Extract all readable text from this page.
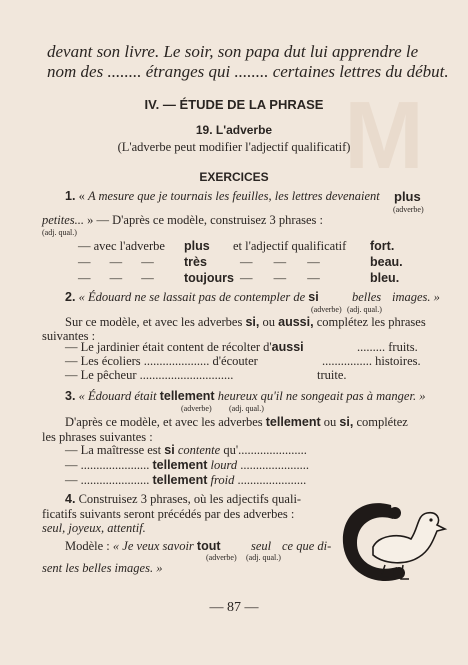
M
devant son livre. Le soir, son papa dut lui apprendre le
nom des ........ étranges qui ........ certaines lettres du début.
IV. — ÉTUDE DE LA PHRASE
19. L'adverbe
(L'adverbe peut modifier l'adjectif qualificatif)
EXERCICES
1. « A mesure que je tournais les feuilles, les lettres devenaient plus
(adverbe)
petites... » — D'après ce modèle, construisez 3 phrases :
(adj. qual.)
— avec l'adverbe plus et l'adjectif qualificatif fort.
— — — très	— — —	beau.
— — — toujours — — —	bleu.
2. « Édouard ne se lassait pas de contempler de si	belles images. »
(adverbe) (adj. qual.)
Sur ce modèle, et avec les adverbes si, ou aussi, complétez les phrases
suivantes :
— Le jardinier était content de récolter d'aussi	......... fruits.
— Les écoliers ..................... d'écouter	................ histoires.
— Le pêcheur ..............................	truite.
3. « Édouard était tellement heureux qu'il ne songeait pas à manger. »
(adverbe) (adj. qual.)
D'après ce modèle, et avec les adverbes tellement ou si, complétez
les phrases suivantes :
— La maîtresse est si contente qu'......................
— ...................... tellement lourd ......................
— ...................... tellement froid ......................
4. Construisez 3 phrases, où les adjectifs quali-
ficatifs suivants seront précédés par des adverbes :
seul, joyeux, attentif.
Modèle : « Je veux savoir tout seul ce que di-
(adverbe) (adj. qual.)
sent les belles images. »
— 87 —
